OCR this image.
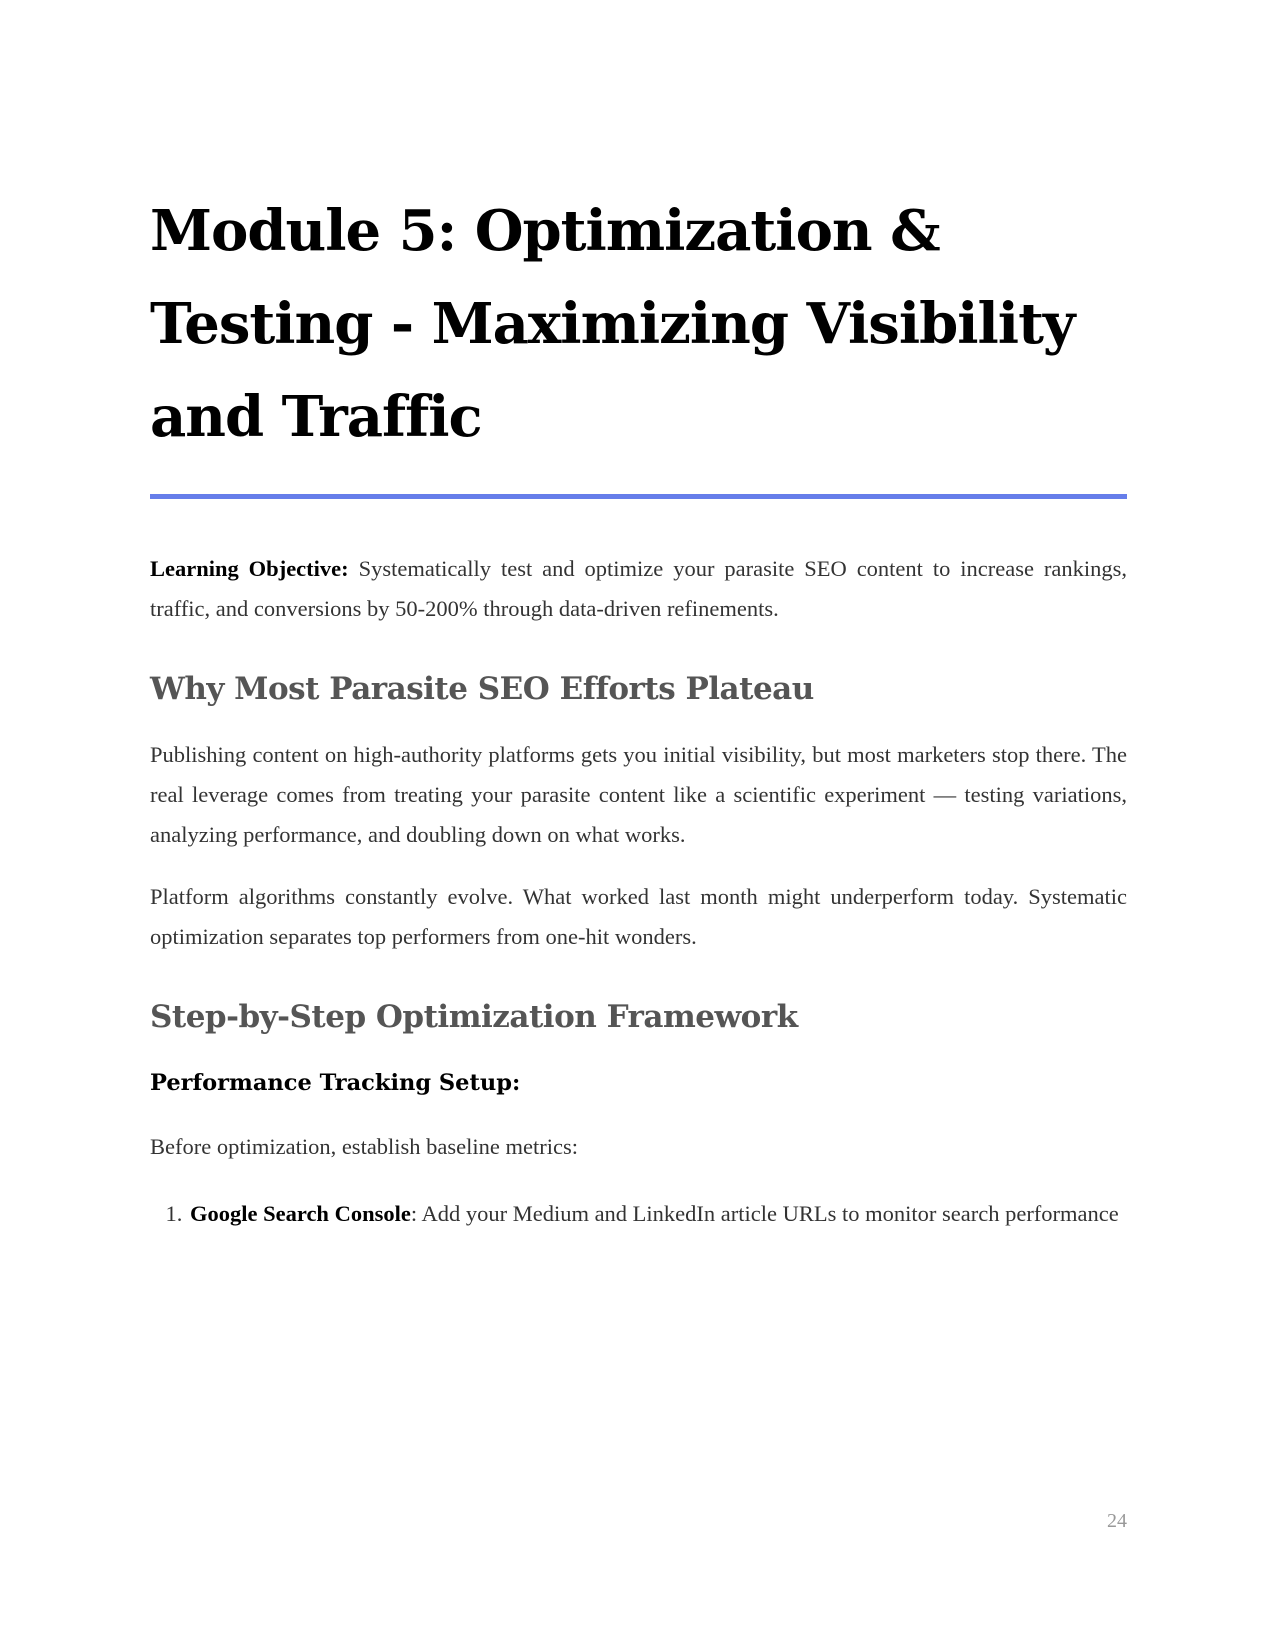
Module 5: Optimization & Testing - Maximizing Visibility and Traffic

Learning Objective: Systematically test and optimize your parasite SEO content to increase rankings, traffic, and conversions by 50-200% through data-driven refinements.

Why Most Parasite SEO Efforts Plateau

Publishing content on high-authority platforms gets you initial visibility, but most marketers stop there. The real leverage comes from treating your parasite content like a scientific experiment — testing variations, analyzing performance, and doubling down on what works.

Platform algorithms constantly evolve. What worked last month might underperform today. Systematic optimization separates top performers from one-hit wonders.

Step-by-Step Optimization Framework
Performance Tracking Setup:

Before optimization, establish baseline metrics:

1. Google Search Console: Add your Medium and LinkedIn article URLs to monitor search performance
24
